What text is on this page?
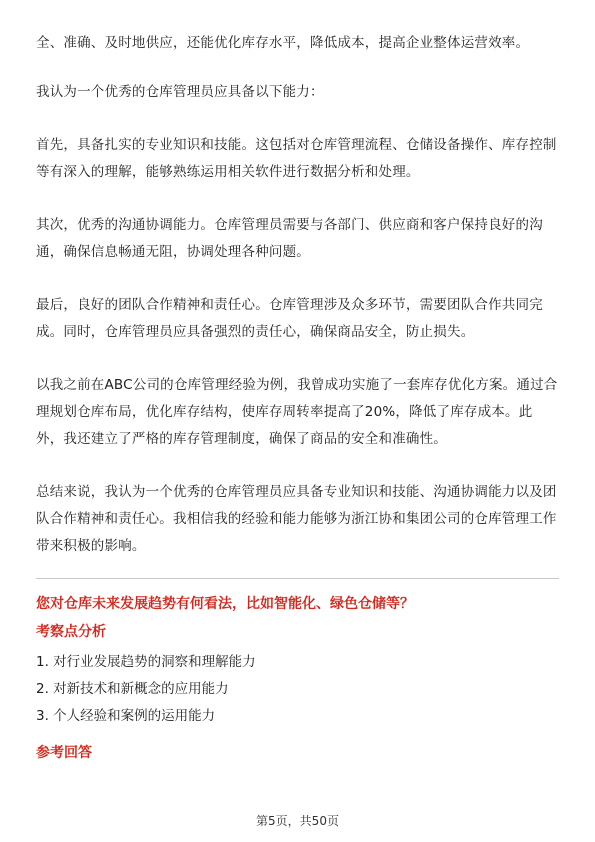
全、准确、及时地供应，还能优化库存水平，降低成本，提高企业整体运营效率。

我认为一个优秀的仓库管理员应具备以下能力：

首先，具备扎实的专业知识和技能。这包括对仓库管理流程、仓储设备操作、库存控制等有深入的理解，能够熟练运用相关软件进行数据分析和处理。

其次，优秀的沟通协调能力。仓库管理员需要与各部门、供应商和客户保持良好的沟通，确保信息畅通无阻，协调处理各种问题。

最后，良好的团队合作精神和责任心。仓库管理涉及众多环节，需要团队合作共同完成。同时，仓库管理员应具备强烈的责任心，确保商品安全，防止损失。

以我之前在ABC公司的仓库管理经验为例，我曾成功实施了一套库存优化方案。通过合理规划仓库布局，优化库存结构，使库存周转率提高了20%，降低了库存成本。此外，我还建立了严格的库存管理制度，确保了商品的安全和准确性。

总结来说，我认为一个优秀的仓库管理员应具备专业知识和技能、沟通协调能力以及团队合作精神和责任心。我相信我的经验和能力能够为浙江协和集团公司的仓库管理工作带来积极的影响。

您对仓库未来发展趋势有何看法，比如智能化、绿色仓储等？

考察点分析

1. 对行业发展趋势的洞察和理解能力

2. 对新技术和新概念的应用能力

3. 个人经验和案例的运用能力

参考回答

第5页，共50页
